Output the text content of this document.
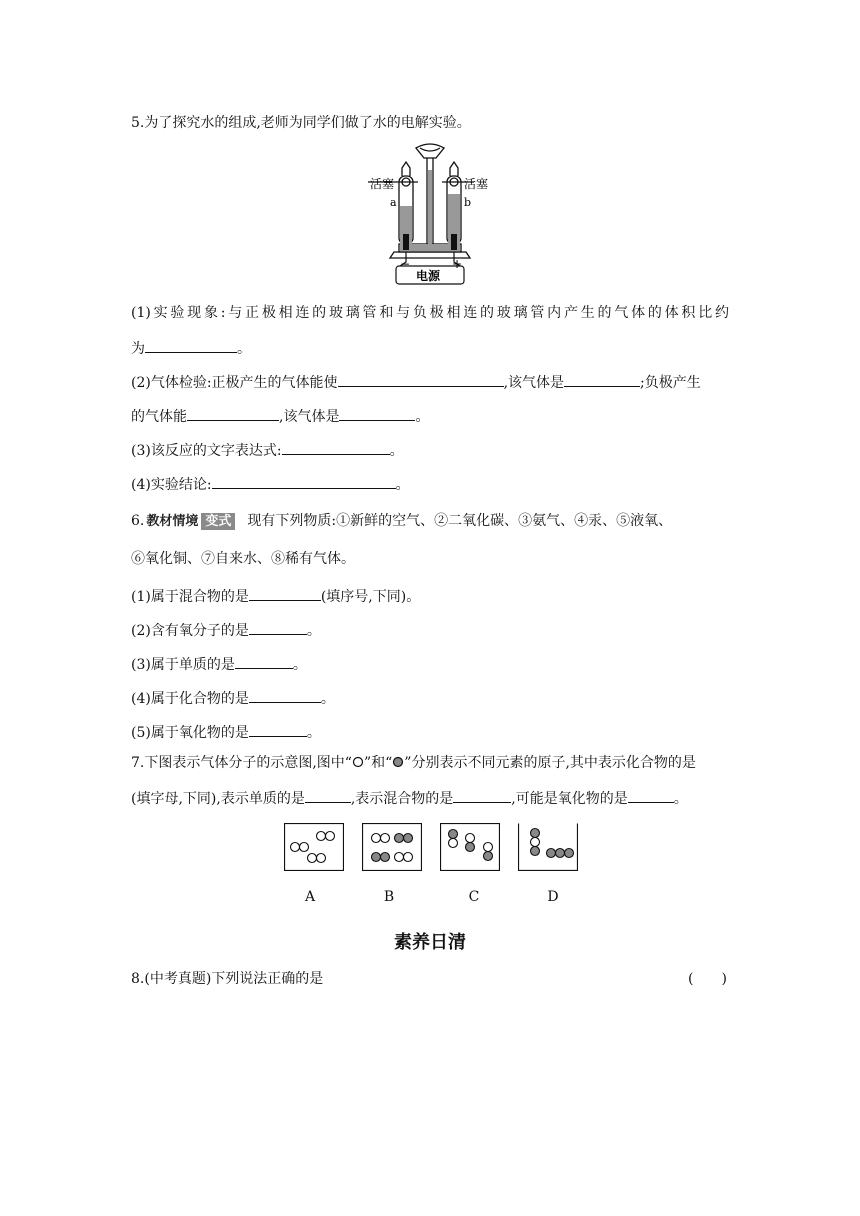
5.为了探究水的组成,老师为同学们做了水的电解实验。
活塞	活塞
a	b
−	+
电源
(1)实验现象:与正极相连的玻璃管和与负极相连的玻璃管内产生的气体的体积比约
为	。
(2)气体检验:正极产生的气体能使	,该气体是	;负极产生
的气体能	,该气体是	。
(3)该反应的文字表达式:	。
(4)实验结论:	。
6. 教材情境 变式 现有下列物质:①新鲜的空气、②二氧化碳、③氨气、④汞、⑤液氧、
⑥氧化铜、⑦自来水、⑧稀有气体。
(1)属于混合物的是	(填序号,下同)。
(2)含有氧分子的是	。
(3)属于单质的是	。
(4)属于化合物的是	。
(5)属于氧化物的是	。
7.下图表示气体分子的示意图,图中“ ”和“ ”分别表示不同元素的原子,其中表示化合物的是
(填字母,下同),表示单质的是	,表示混合物的是	,可能是氧化物的是	。
A	B	C	D
素养日清
8.(中考真题)下列说法正确的是	(　　)
